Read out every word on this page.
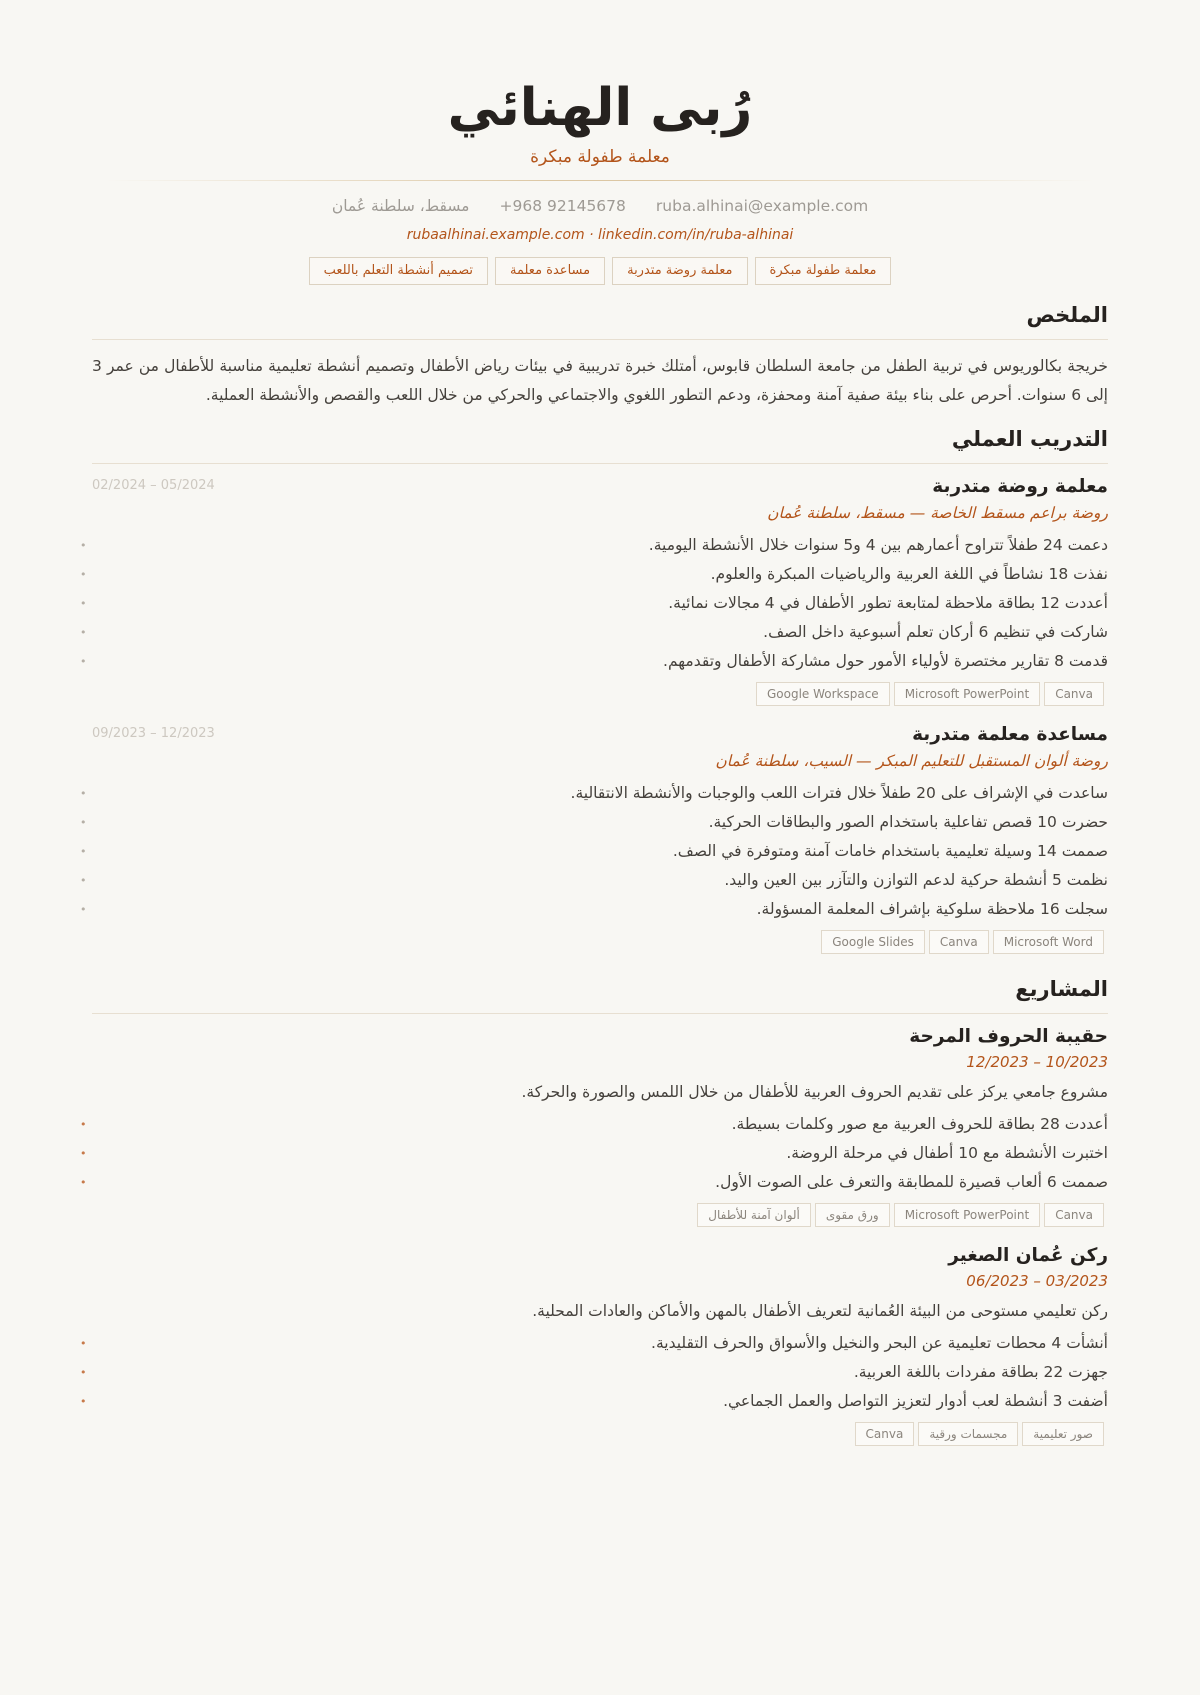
رُبى الهنائي
معلمة طفولة مبكرة
ruba.alhinai@example.com
+968 92145678
مسقط، سلطنة عُمان
rubaalhinai.example.com · linkedin.com/in/ruba-alhinai
معلمة طفولة مبكرة
معلمة روضة متدربة
مساعدة معلمة
تصميم أنشطة التعلم باللعب
الملخص

خريجة بكالوريوس في تربية الطفل من جامعة السلطان قابوس، أمتلك خبرة تدريبية في بيئات رياض الأطفال وتصميم أنشطة تعليمية مناسبة للأطفال من عمر 3 إلى 6 سنوات. أحرص على بناء بيئة صفية آمنة ومحفزة، ودعم التطور اللغوي والاجتماعي والحركي من خلال اللعب والقصص والأنشطة العملية.

التدريب العملي
معلمة روضة متدربة
02/2024 – 05/2024
روضة براعم مسقط الخاصة — مسقط، سلطنة عُمان
• دعمت 24 طفلاً تتراوح أعمارهم بين 4 و5 سنوات خلال الأنشطة اليومية.
• نفذت 18 نشاطاً في اللغة العربية والرياضيات المبكرة والعلوم.
• أعددت 12 بطاقة ملاحظة لمتابعة تطور الأطفال في 4 مجالات نمائية.
• شاركت في تنظيم 6 أركان تعلم أسبوعية داخل الصف.
• قدمت 8 تقارير مختصرة لأولياء الأمور حول مشاركة الأطفال وتقدمهم.
Canva
Microsoft PowerPoint
Google Workspace
مساعدة معلمة متدربة
09/2023 – 12/2023
روضة ألوان المستقبل للتعليم المبكر — السيب، سلطنة عُمان
• ساعدت في الإشراف على 20 طفلاً خلال فترات اللعب والوجبات والأنشطة الانتقالية.
• حضرت 10 قصص تفاعلية باستخدام الصور والبطاقات الحركية.
• صممت 14 وسيلة تعليمية باستخدام خامات آمنة ومتوفرة في الصف.
• نظمت 5 أنشطة حركية لدعم التوازن والتآزر بين العين واليد.
• سجلت 16 ملاحظة سلوكية بإشراف المعلمة المسؤولة.
Microsoft Word
Canva
Google Slides
المشاريع
حقيبة الحروف المرحة
10/2023 – 12/2023
مشروع جامعي يركز على تقديم الحروف العربية للأطفال من خلال اللمس والصورة والحركة.
• أعددت 28 بطاقة للحروف العربية مع صور وكلمات بسيطة.
• اختبرت الأنشطة مع 10 أطفال في مرحلة الروضة.
• صممت 6 ألعاب قصيرة للمطابقة والتعرف على الصوت الأول.
Canva
Microsoft PowerPoint
ورق مقوى
ألوان آمنة للأطفال
ركن عُمان الصغير
03/2023 – 06/2023
ركن تعليمي مستوحى من البيئة العُمانية لتعريف الأطفال بالمهن والأماكن والعادات المحلية.
• أنشأت 4 محطات تعليمية عن البحر والنخيل والأسواق والحرف التقليدية.
• جهزت 22 بطاقة مفردات باللغة العربية.
• أضفت 3 أنشطة لعب أدوار لتعزيز التواصل والعمل الجماعي.
صور تعليمية
مجسمات ورقية
Canva
